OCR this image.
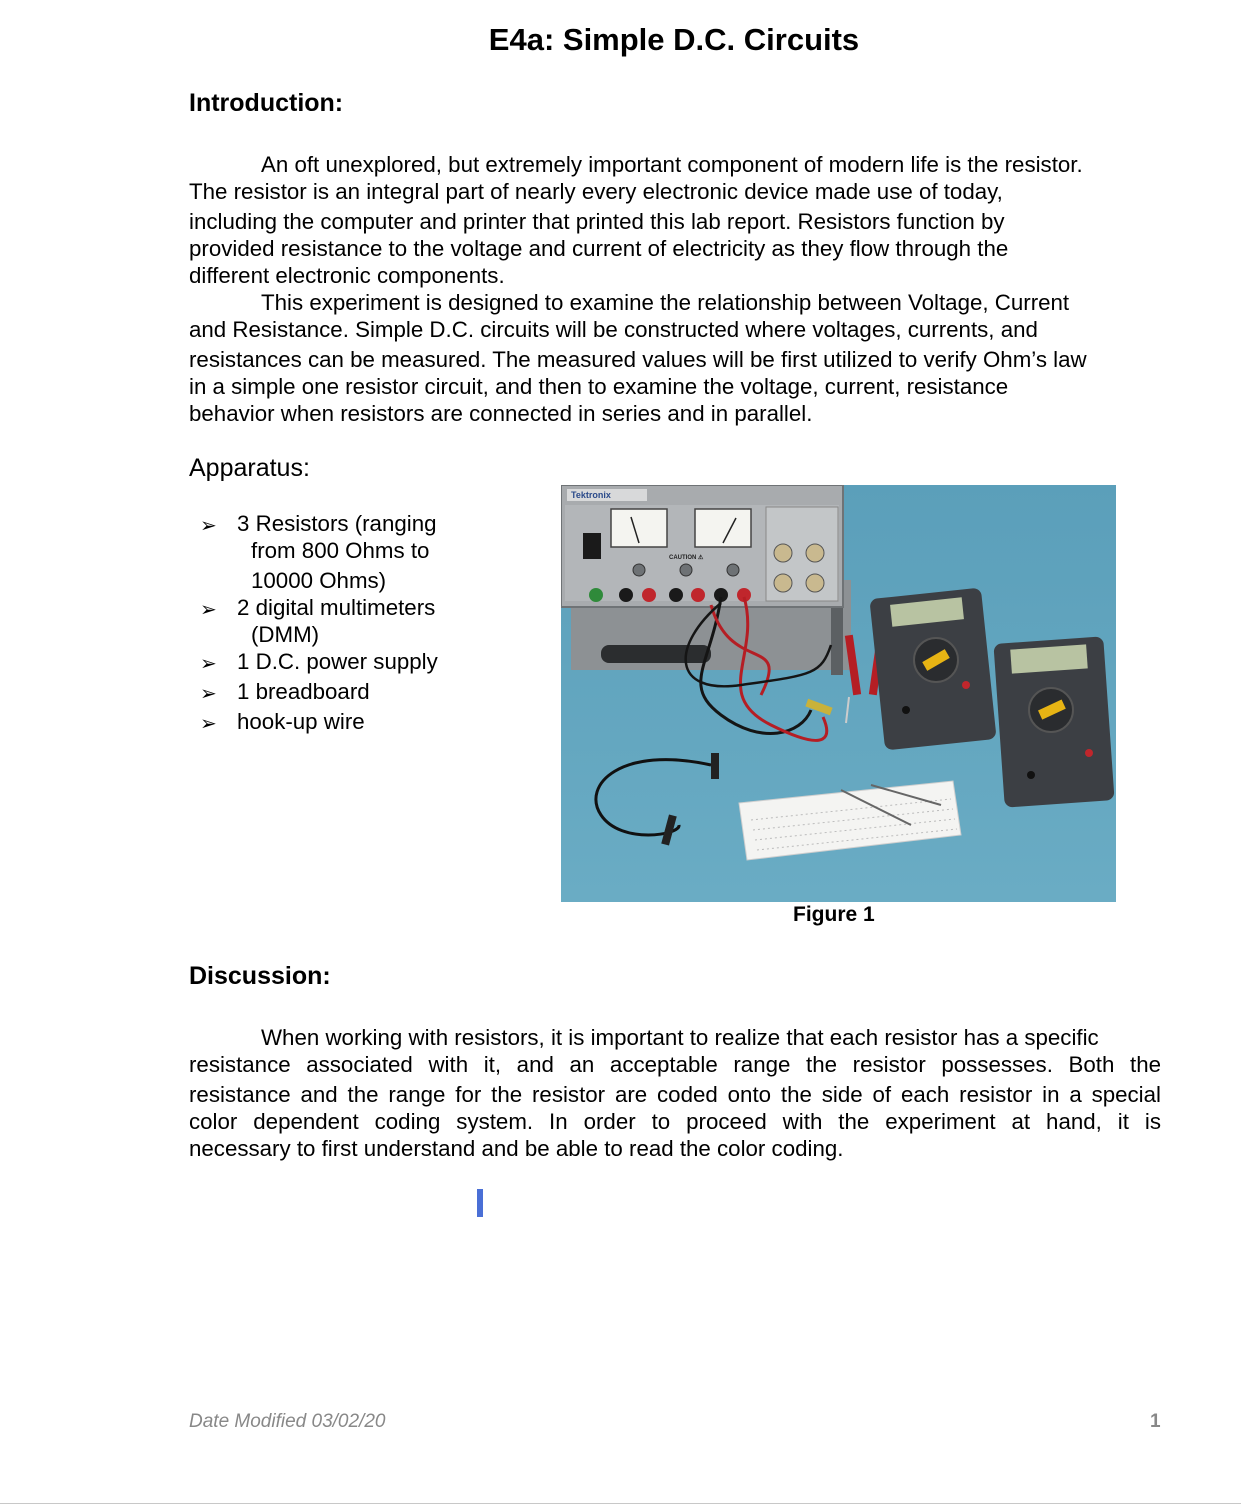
E4a: Simple D.C. Circuits
Introduction:
An oft unexplored, but extremely important component of modern life is the resistor.
The resistor is an integral part of nearly every electronic device made use of today,
including the computer and printer that printed this lab report. Resistors function by
provided resistance to the voltage and current of electricity as they flow through the
different electronic components.
This experiment is designed to examine the relationship between Voltage, Current
and Resistance. Simple D.C. circuits will be constructed where voltages, currents, and
resistances can be measured. The measured values will be first utilized to verify Ohm’s law
in a simple one resistor circuit, and then to examine the voltage, current, resistance
behavior when resistors are connected in series and in parallel.
Apparatus:
➢ 3 Resistors (ranging
from 800 Ohms to
10000 Ohms)
➢ 2 digital multimeters
(DMM)
➢ 1 D.C. power supply
➢ 1 breadboard
➢ hook-up wire
Tektronix
CAUTION ⚠
Figure 1
Discussion:
When working with resistors, it is important to realize that each resistor has a specific
resistance associated with it, and an acceptable range the resistor possesses. Both the
resistance and the range for the resistor are coded onto the side of each resistor in a special
color dependent coding system. In order to proceed with the experiment at hand, it is
necessary to first understand and be able to read the color coding.
Date Modified 03/02/20	1
